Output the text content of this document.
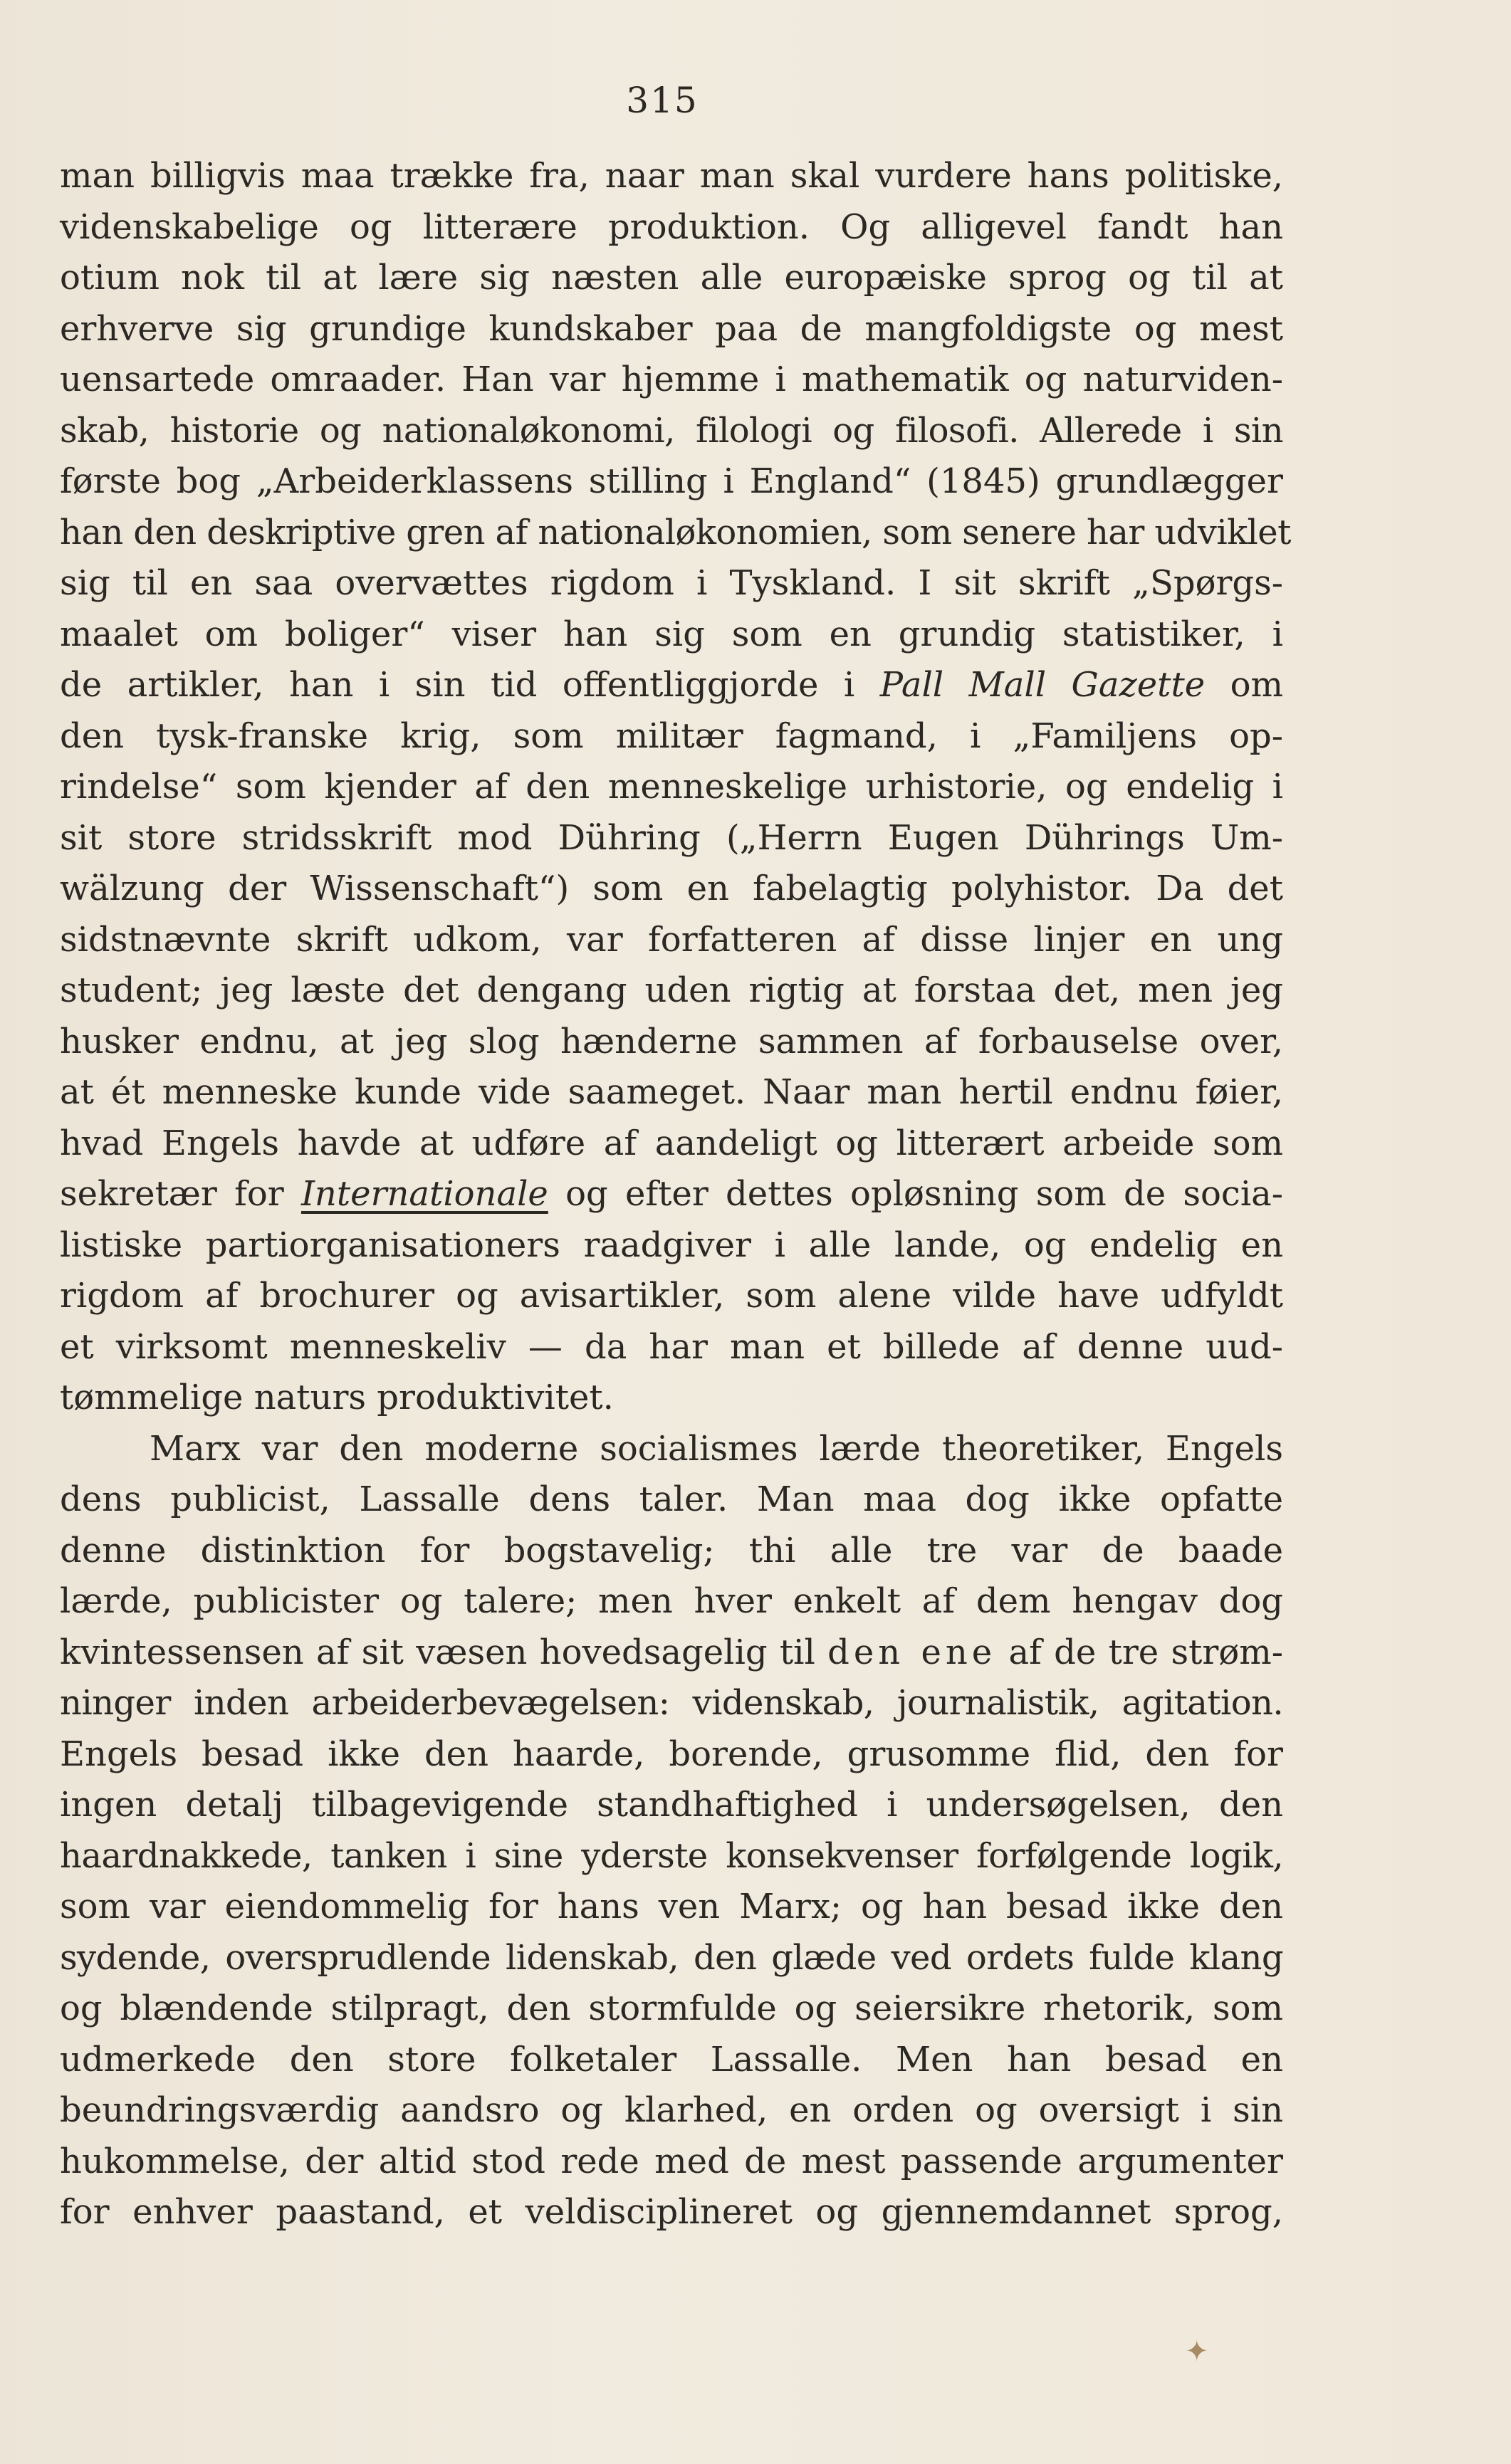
315
man billigvis maa trække fra, naar man skal vurdere hans politiske,
videnskabelige og litterære produktion. Og alligevel fandt han
otium nok til at lære sig næsten alle europæiske sprog og til at
erhverve sig grundige kundskaber paa de mangfoldigste og mest
uensartede omraader. Han var hjemme i mathematik og naturviden-
skab, historie og nationaløkonomi, filologi og filosofi. Allerede i sin
første bog „Arbeiderklassens stilling i England“ (1845) grundlægger
han den deskriptive gren af nationaløkonomien, som senere har udviklet
sig til en saa overvættes rigdom i Tyskland. I sit skrift „Spørgs-
maalet om boliger“ viser han sig som en grundig statistiker, i
de artikler, han i sin tid offentliggjorde i Pall Mall Gazette om
den tysk-franske krig, som militær fagmand, i „Familjens op-
rindelse“ som kjender af den menneskelige urhistorie, og endelig i
sit store stridsskrift mod Dühring („Herrn Eugen Dührings Um-
wälzung der Wissenschaft“) som en fabelagtig polyhistor. Da det
sidstnævnte skrift udkom, var forfatteren af disse linjer en ung
student; jeg læste det dengang uden rigtig at forstaa det, men jeg
husker endnu, at jeg slog hænderne sammen af forbauselse over,
at ét menneske kunde vide saameget. Naar man hertil endnu føier,
hvad Engels havde at udføre af aandeligt og litterært arbeide som
sekretær for Internationale og efter dettes opløsning som de socia-
listiske partiorganisationers raadgiver i alle lande, og endelig en
rigdom af brochurer og avisartikler, som alene vilde have udfyldt
et virksomt menneskeliv — da har man et billede af denne uud-
tømmelige naturs produktivitet.
Marx var den moderne socialismes lærde theoretiker, Engels
dens publicist, Lassalle dens taler. Man maa dog ikke opfatte
denne distinktion for bogstavelig; thi alle tre var de baade
lærde, publicister og talere; men hver enkelt af dem hengav dog
kvintessensen af sit væsen hovedsagelig til den ene af de tre strøm-
ninger inden arbeiderbevægelsen: videnskab, journalistik, agitation.
Engels besad ikke den haarde, borende, grusomme flid, den for
ingen detalj tilbagevigende standhaftighed i undersøgelsen, den
haardnakkede, tanken i sine yderste konsekvenser forfølgende logik,
som var eiendommelig for hans ven Marx; og han besad ikke den
sydende, oversprudlende lidenskab, den glæde ved ordets fulde klang
og blændende stilpragt, den stormfulde og seiersikre rhetorik, som
udmerkede den store folketaler Lassalle. Men han besad en
beundringsværdig aandsro og klarhed, en orden og oversigt i sin
hukommelse, der altid stod rede med de mest passende argumenter
for enhver paastand, et veldisciplineret og gjennemdannet sprog,
✦
